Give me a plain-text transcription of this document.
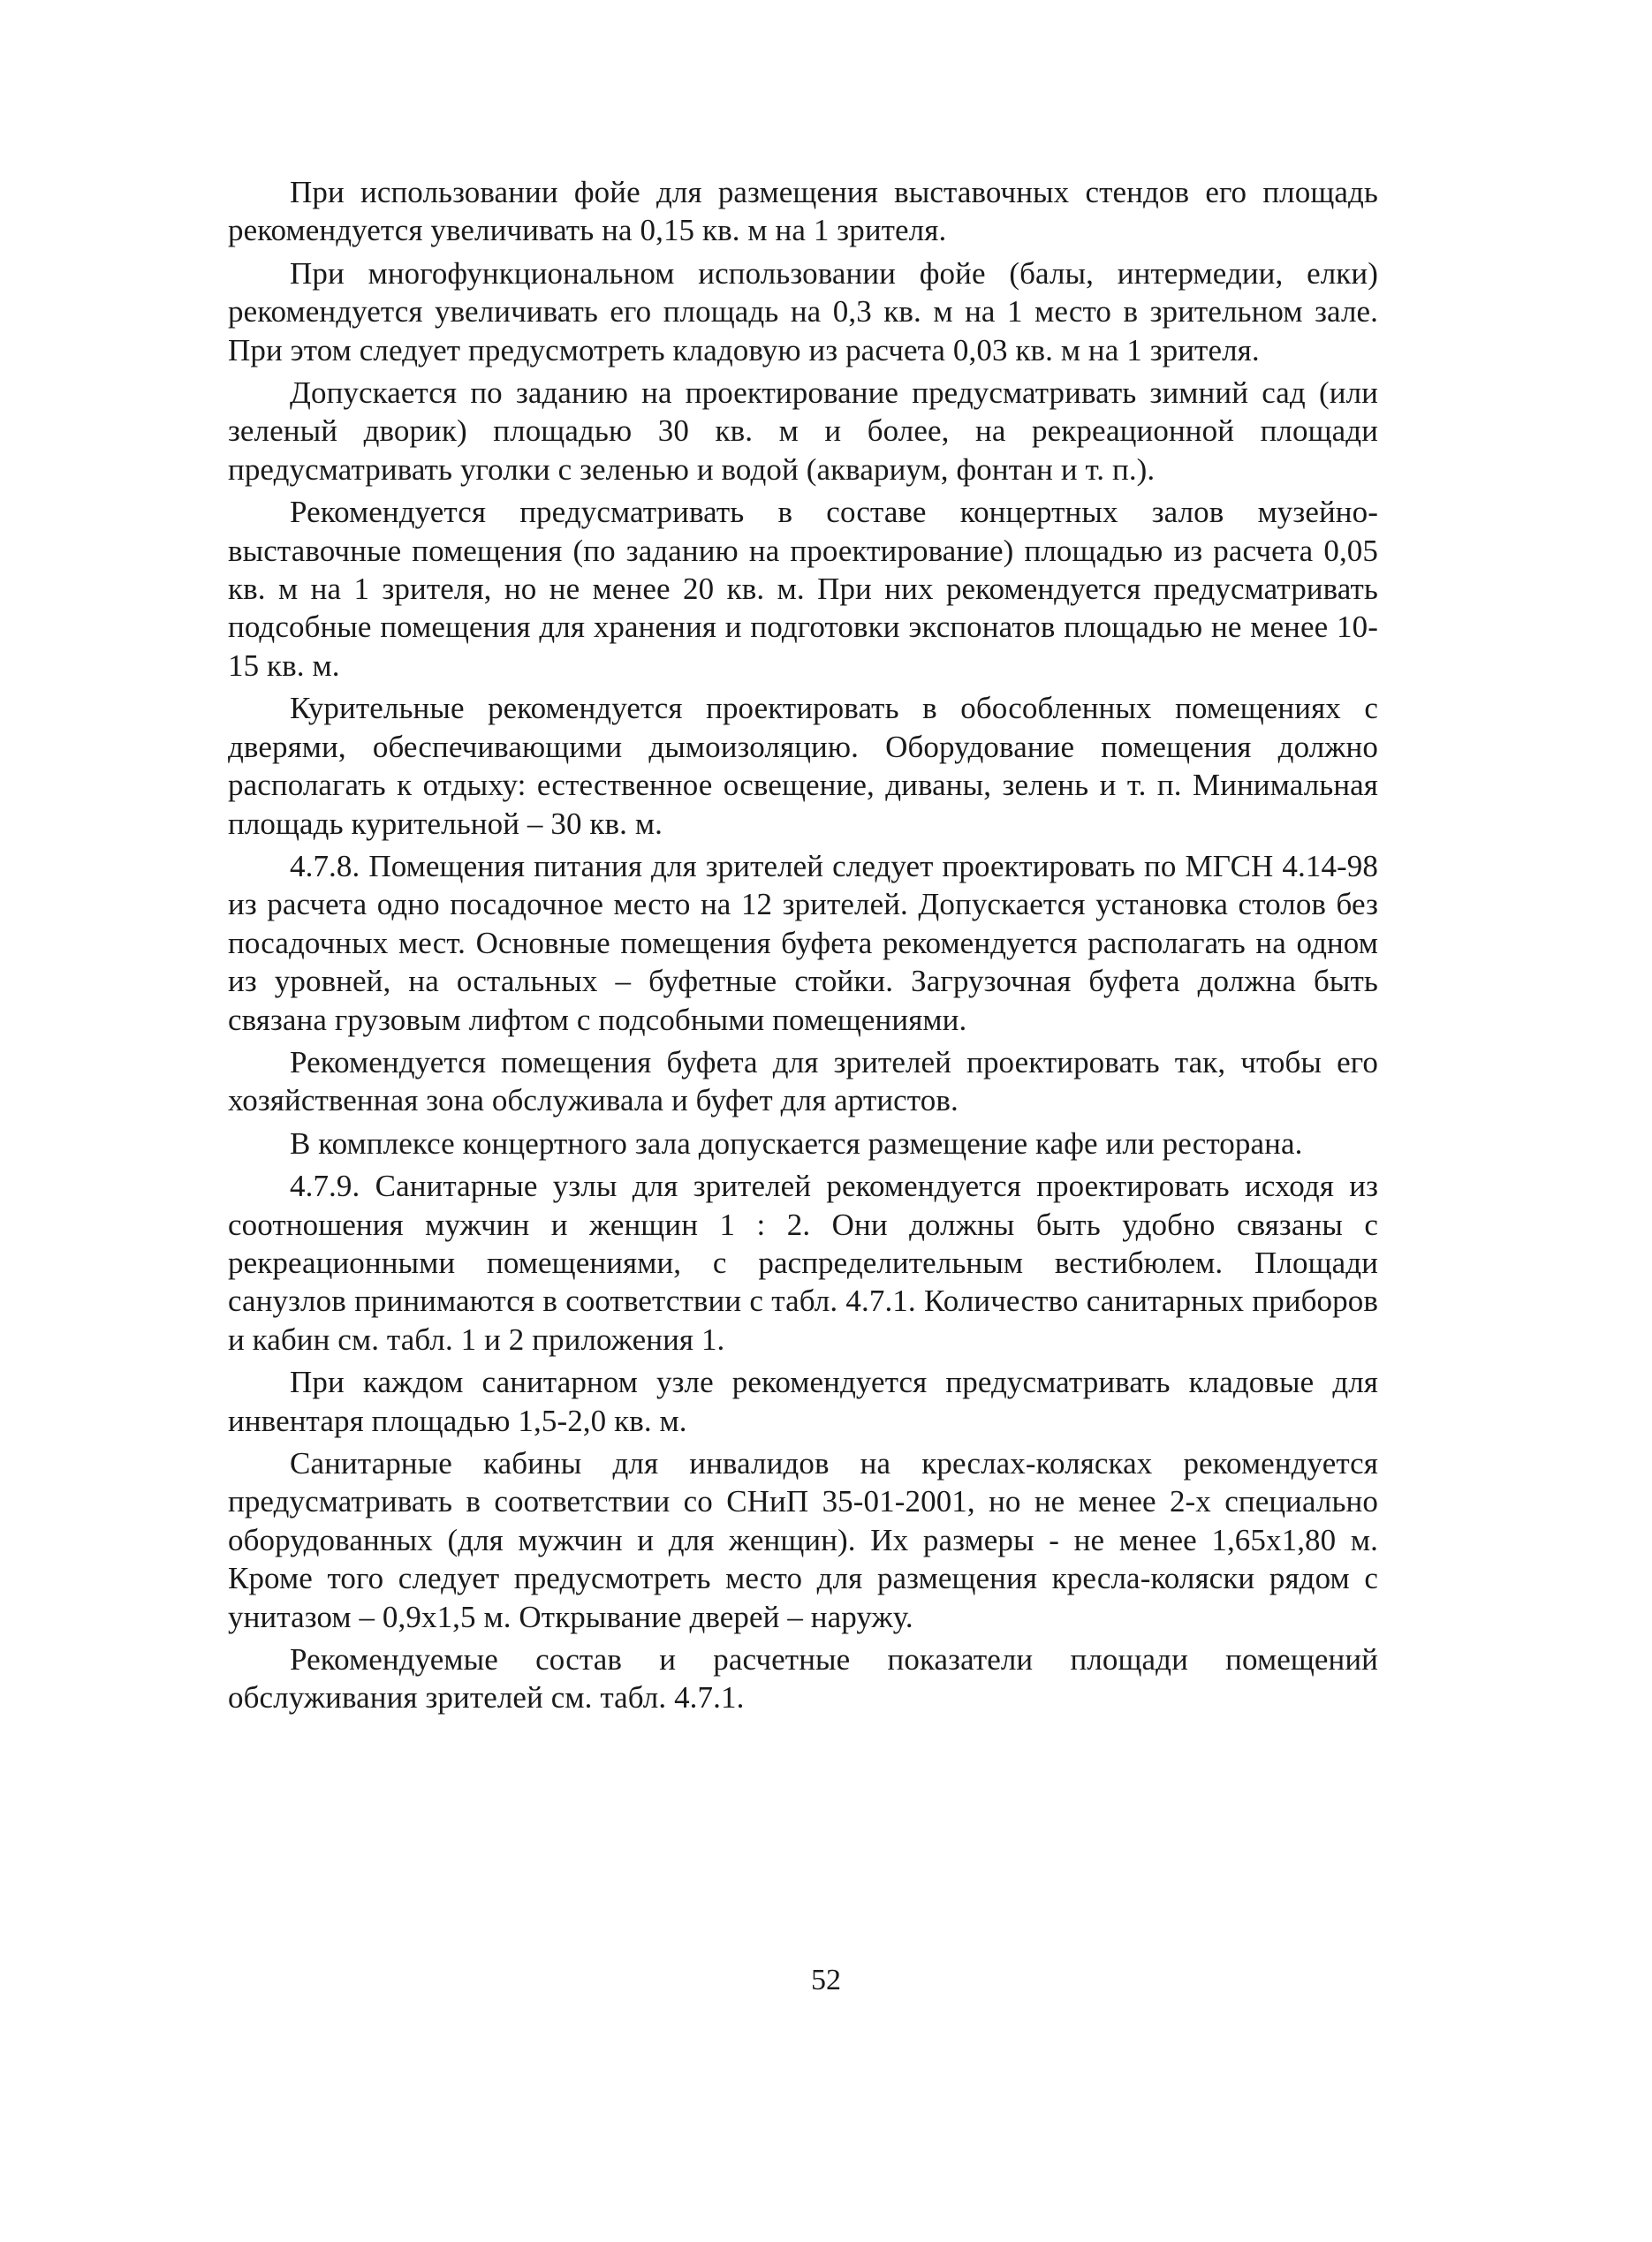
При использовании фойе для размещения выставочных стендов его площадь рекомендуется увеличивать на 0,15 кв. м на 1 зрителя.

При многофункциональном использовании фойе (балы, интермедии, елки) рекомендуется увеличивать его площадь на 0,3 кв. м на 1 место в зрительном зале. При этом следует предусмотреть кладовую из расчета 0,03 кв. м на 1 зрителя.

Допускается по заданию на проектирование предусматривать зимний сад (или зеленый дворик) площадью 30 кв. м и более, на рекреационной площади предусматривать уголки с зеленью и водой (аквариум, фонтан и т. п.).

Рекомендуется предусматривать в составе концертных залов музейно-выставочные помещения (по заданию на проектирование) площадью из расчета 0,05 кв. м на 1 зрителя, но не менее 20 кв. м. При них рекомендуется предусматривать подсобные помещения для хранения и подготовки экспонатов площадью не менее 10-15 кв. м.

Курительные рекомендуется проектировать в обособленных помещениях с дверями, обеспечивающими дымоизоляцию. Оборудование помещения должно располагать к отдыху: естественное освещение, диваны, зелень и т. п. Минимальная площадь курительной – 30 кв. м.

4.7.8. Помещения питания для зрителей следует проектировать по МГСН 4.14-98 из расчета одно посадочное место на 12 зрителей. Допускается установка столов без посадочных мест. Основные помещения буфета рекомендуется располагать на одном из уровней, на остальных – буфетные стойки. Загрузочная буфета должна быть связана грузовым лифтом с подсобными помещениями.

Рекомендуется помещения буфета для зрителей проектировать так, чтобы его хозяйственная зона обслуживала и буфет для артистов.

В комплексе концертного зала допускается размещение кафе или ресторана.

4.7.9. Санитарные узлы для зрителей рекомендуется проектировать исходя из соотношения мужчин и женщин 1 : 2. Они должны быть удобно связаны с рекреационными помещениями, с распределительным вестибюлем. Площади санузлов принимаются в соответствии с табл. 4.7.1. Количество санитарных приборов и кабин см. табл. 1 и 2 приложения 1.

При каждом санитарном узле рекомендуется предусматривать кладовые для инвентаря площадью 1,5-2,0 кв. м.

Санитарные кабины для инвалидов на креслах-колясках рекомендуется предусматривать в соответствии со СНиП 35-01-2001, но не менее 2-х специально оборудованных (для мужчин и для женщин). Их размеры - не менее 1,65х1,80 м. Кроме того следует предусмотреть место для размещения кресла-коляски рядом с унитазом – 0,9х1,5 м. Открывание дверей – наружу.

Рекомендуемые состав и расчетные показатели площади помещений обслуживания зрителей см. табл. 4.7.1.

52
